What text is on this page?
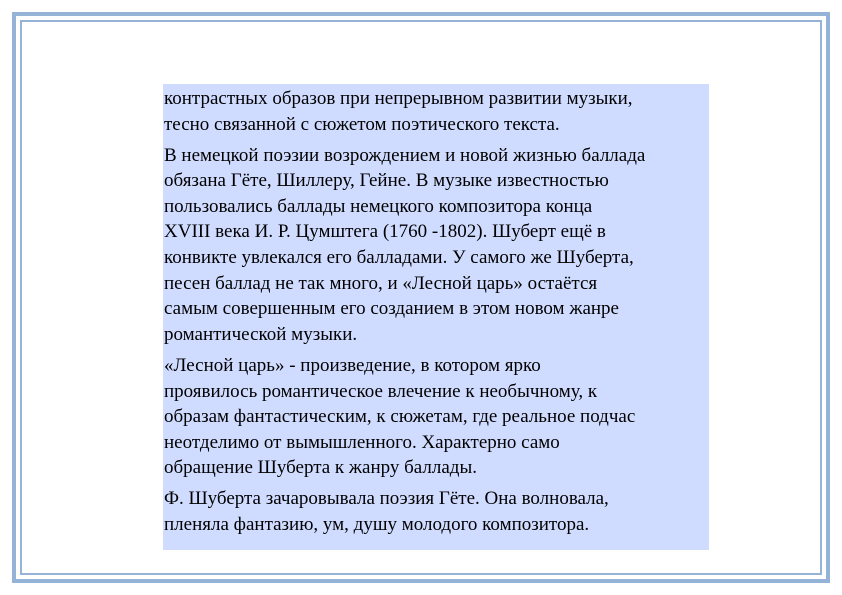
контрастных образов при непрерывном развитии музыки,
тесно связанной с сюжетом поэтического текста.

В немецкой поэзии возрождением и новой жизнью баллада
обязана Гёте, Шиллеру, Гейне. В музыке известностью
пользовались баллады немецкого композитора конца
XVIII века И. Р. Цумштега (1760 -1802). Шуберт ещё в
конвикте увлекался его балладами. У самого же Шуберта,
песен баллад не так много, и «Лесной царь» остаётся
самым совершенным его созданием в этом новом жанре
романтической музыки.

«Лесной царь» - произведение, в котором ярко
проявилось романтическое влечение к необычному, к
образам фантастическим, к сюжетам, где реальное подчас
неотделимо от вымышленного. Характерно само
обращение Шуберта к жанру баллады.

Ф. Шуберта зачаровывала поэзия Гёте. Она волновала,
пленяла фантазию, ум, душу молодого композитора.
